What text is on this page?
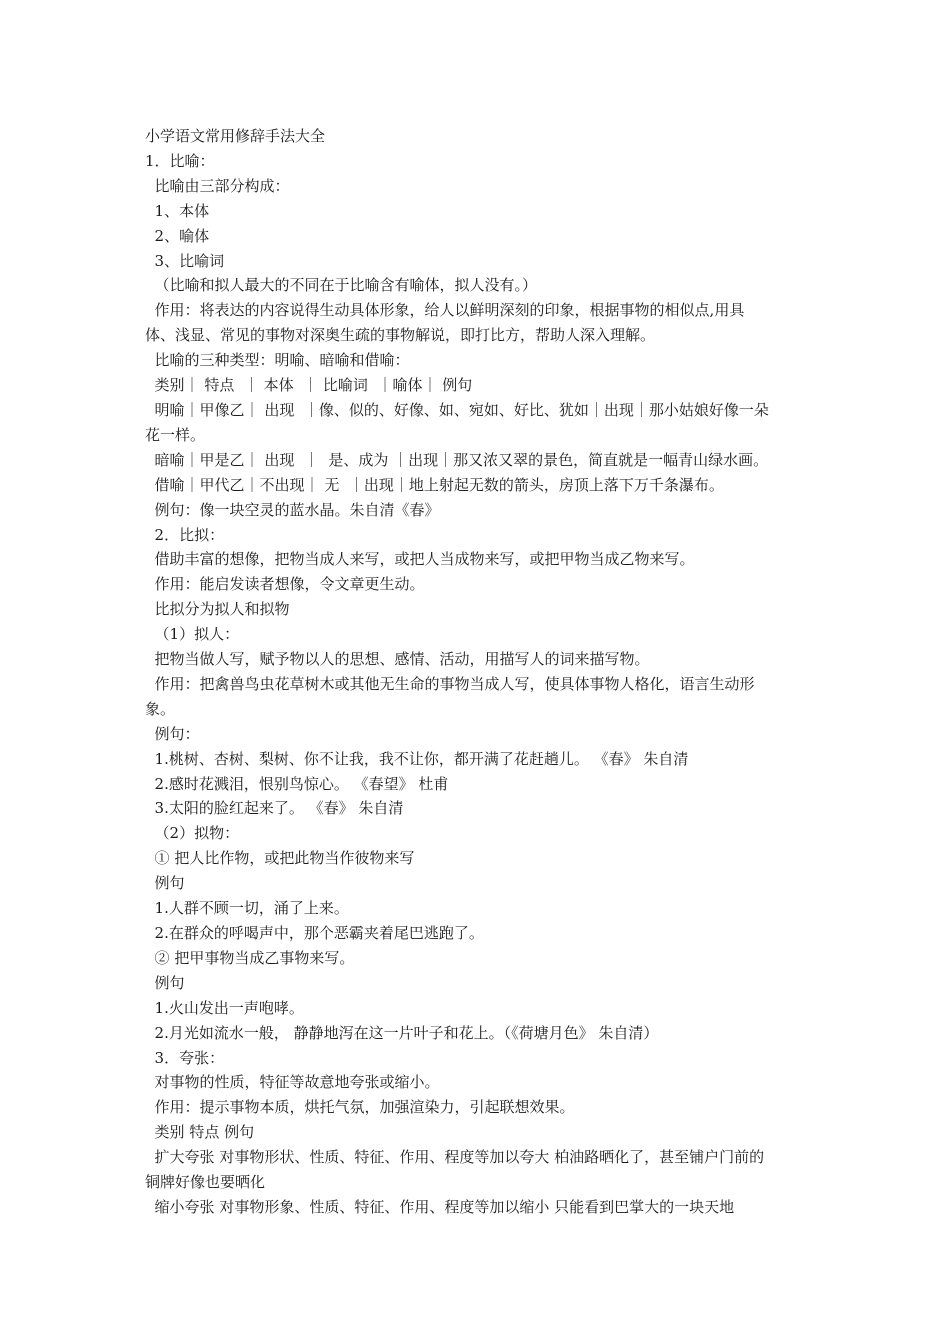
小学语文常用修辞手法大全

1．比喻：

比喻由三部分构成：

1、本体

2、喻体

3、比喻词

（比喻和拟人最大的不同在于比喻含有喻体，拟人没有。）

作用：将表达的内容说得生动具体形象，给人以鲜明深刻的印象，根据事物的相似点,用具

体、浅显、常见的事物对深奥生疏的事物解说，即打比方，帮助人深入理解。

比喻的三种类型：明喻、暗喻和借喻：

类别｜ 特点  ｜ 本体  ｜ 比喻词  ｜喻体｜ 例句

明喻｜甲像乙｜ 出现  ｜像、似的、好像、如、宛如、好比、犹如｜出现｜那小姑娘好像一朵

花一样。

暗喻｜甲是乙｜ 出现  ｜  是、成为 ｜出现｜那又浓又翠的景色，简直就是一幅青山绿水画。

借喻｜甲代乙｜不出现｜ 无  ｜出现｜地上射起无数的箭头，房顶上落下万千条瀑布。

例句：像一块空灵的蓝水晶。朱自清《春》

2．比拟：

借助丰富的想像，把物当成人来写，或把人当成物来写，或把甲物当成乙物来写。

作用：能启发读者想像，令文章更生动。

比拟分为拟人和拟物

（1）拟人：

把物当做人写，赋予物以人的思想、感情、活动，用描写人的词来描写物。

作用：把禽兽鸟虫花草树木或其他无生命的事物当成人写，使具体事物人格化，语言生动形

象。

例句：

1.桃树、杏树、梨树、你不让我，我不让你，都开满了花赶趟儿。 《春》 朱自清

2.感时花溅泪，恨别鸟惊心。 《春望》 杜甫

3.太阳的脸红起来了。 《春》 朱自清

（2）拟物：

① 把人比作物，或把此物当作彼物来写

例句

1.人群不顾一切，涌了上来。

2.在群众的呼喝声中，那个恶霸夹着尾巴逃跑了。

② 把甲事物当成乙事物来写。

例句

1.火山发出一声咆哮。

2.月光如流水一般， 静静地泻在这一片叶子和花上。（《荷塘月色》 朱自清）

3．夸张：

对事物的性质，特征等故意地夸张或缩小。

作用：提示事物本质，烘托气氛，加强渲染力，引起联想效果。

类别 特点 例句

扩大夸张 对事物形状、性质、特征、作用、程度等加以夸大 柏油路晒化了，甚至铺户门前的

铜牌好像也要晒化

缩小夸张 对事物形象、性质、特征、作用、程度等加以缩小 只能看到巴掌大的一块天地
